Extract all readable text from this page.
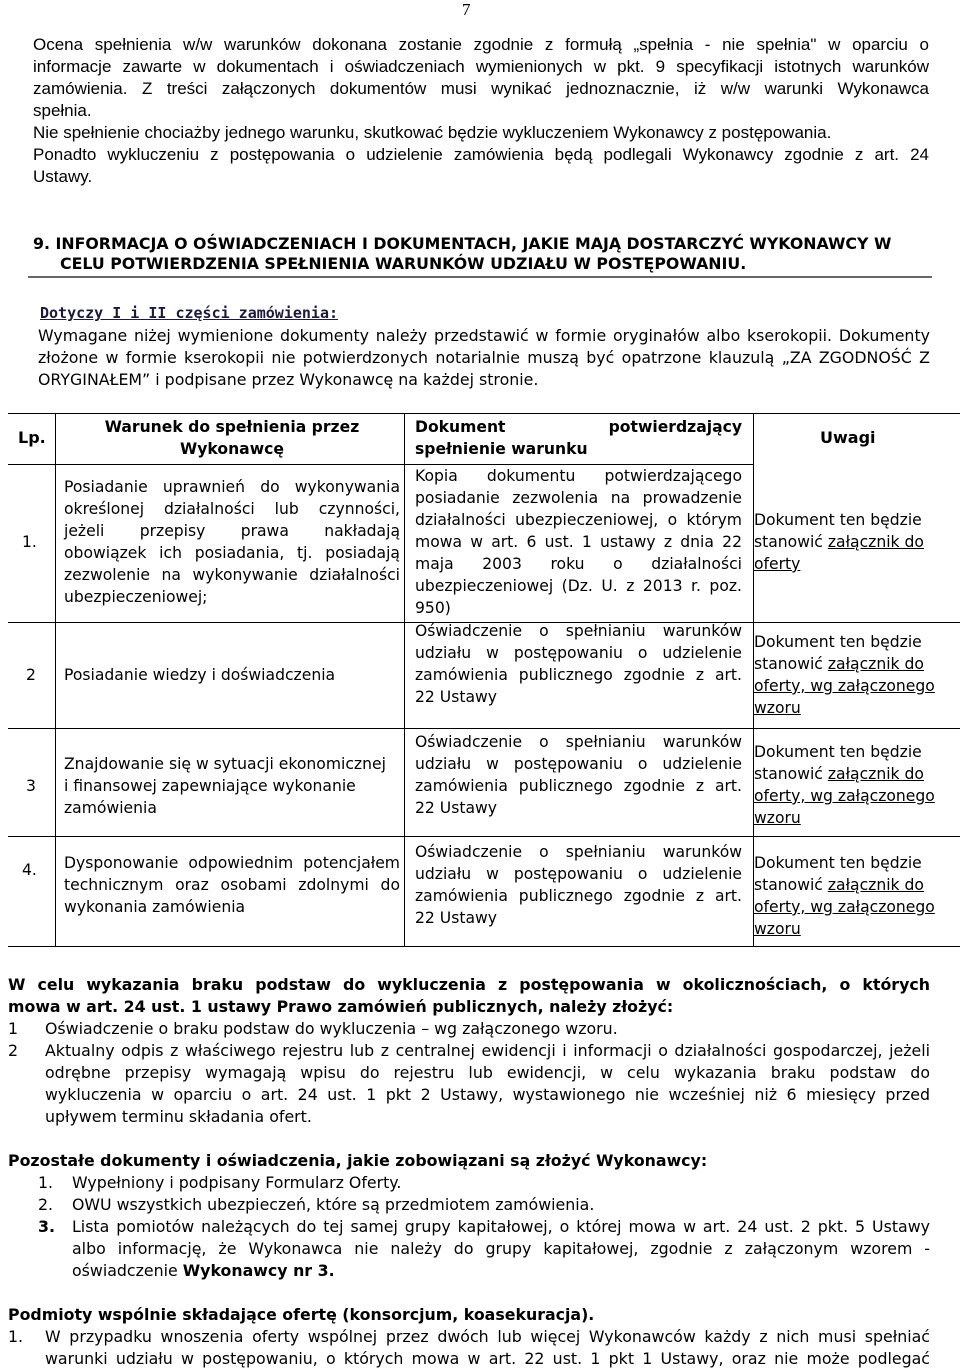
7
Ocena spełnienia w/w warunków dokonana zostanie zgodnie z formułą „spełnia - nie spełnia" w oparciu o
informacje zawarte w dokumentach i oświadczeniach wymienionych w pkt. 9 specyfikacji istotnych warunków
zamówienia. Z treści załączonych dokumentów musi wynikać jednoznacznie, iż w/w warunki Wykonawca
spełnia.
Nie spełnienie chociażby jednego warunku, skutkować będzie wykluczeniem Wykonawcy z postępowania.
Ponadto wykluczeniu z postępowania o udzielenie zamówienia będą podlegali Wykonawcy zgodnie z art. 24
Ustawy.
9. INFORMACJA O OŚWIADCZENIACH I DOKUMENTACH, JAKIE MAJĄ DOSTARCZYĆ WYKONAWCY W
CELU POTWIERDZENIA SPEŁNIENIA WARUNKÓW UDZIAŁU W POSTĘPOWANIU.
Dotyczy I i II części zamówienia:
Wymagane niżej wymienione dokumenty należy przedstawić w formie oryginałów albo kserokopii. Dokumenty
złożone w formie kserokopii nie potwierdzonych notarialnie muszą być opatrzone klauzulą „ZA ZGODNOŚĆ Z
ORYGINAŁEM” i podpisane przez Wykonawcę na każdej stronie.
Lp.
Warunek do spełnienia przez
Wykonawcę
Dokument potwierdzający
spełnienie warunku
Uwagi
1.
Posiadanie uprawnień do wykonywania
określonej działalności lub czynności,
jeżeli przepisy prawa nakładają
obowiązek ich posiadania, tj. posiadają
zezwolenie na wykonywanie działalności
ubezpieczeniowej;
Kopia dokumentu potwierdzającego
posiadanie zezwolenia na prowadzenie
działalności ubezpieczeniowej, o którym
mowa w art. 6 ust. 1 ustawy z dnia 22
maja 2003 roku o działalności
ubezpieczeniowej (Dz. U. z 2013 r. poz.
950)
Dokument ten będzie
stanowić załącznik do
oferty
2 Posiadanie wiedzy i doświadczenia
Oświadczenie o spełnianiu warunków
udziału w postępowaniu o udzielenie
zamówienia publicznego zgodnie z art.
22 Ustawy
Dokument ten będzie
stanowić załącznik do
oferty, wg załączonego
wzoru
3
Znajdowanie się w sytuacji ekonomicznej
i finansowej zapewniające wykonanie
zamówienia
Oświadczenie o spełnianiu warunków
udziału w postępowaniu o udzielenie
zamówienia publicznego zgodnie z art.
22 Ustawy
Dokument ten będzie
stanowić załącznik do
oferty, wg załączonego
wzoru
4. Dysponowanie odpowiednim potencjałem
technicznym oraz osobami zdolnymi do
wykonania zamówienia
Oświadczenie o spełnianiu warunków
udziału w postępowaniu o udzielenie
zamówienia publicznego zgodnie z art.
22 Ustawy
Dokument ten będzie
stanowić załącznik do
oferty, wg załączonego
wzoru
W celu wykazania braku podstaw do wykluczenia z postępowania w okolicznościach, o których
mowa w art. 24 ust. 1 ustawy Prawo zamówień publicznych, należy złożyć:
1 Oświadczenie o braku podstaw do wykluczenia – wg załączonego wzoru.
2 Aktualny odpis z właściwego rejestru lub z centralnej ewidencji i informacji o działalności gospodarczej, jeżeli
odrębne przepisy wymagają wpisu do rejestru lub ewidencji, w celu wykazania braku podstaw do
wykluczenia w oparciu o art. 24 ust. 1 pkt 2 Ustawy, wystawionego nie wcześniej niż 6 miesięcy przed
upływem terminu składania ofert.
Pozostałe dokumenty i oświadczenia, jakie zobowiązani są złożyć Wykonawcy:
1. Wypełniony i podpisany Formularz Oferty.
2. OWU wszystkich ubezpieczeń, które są przedmiotem zamówienia.
3. Lista pomiotów należących do tej samej grupy kapitałowej, o której mowa w art. 24 ust. 2 pkt. 5 Ustawy
albo informację, że Wykonawca nie należy do grupy kapitałowej, zgodnie z załączonym wzorem -
oświadczenie Wykonawcy nr 3.
Podmioty wspólnie składające ofertę (konsorcjum, koasekuracja).
1. W przypadku wnoszenia oferty wspólnej przez dwóch lub więcej Wykonawców każdy z nich musi spełniać
warunki udziału w postępowaniu, o których mowa w art. 22 ust. 1 pkt 1 Ustawy, oraz nie może podlegać
